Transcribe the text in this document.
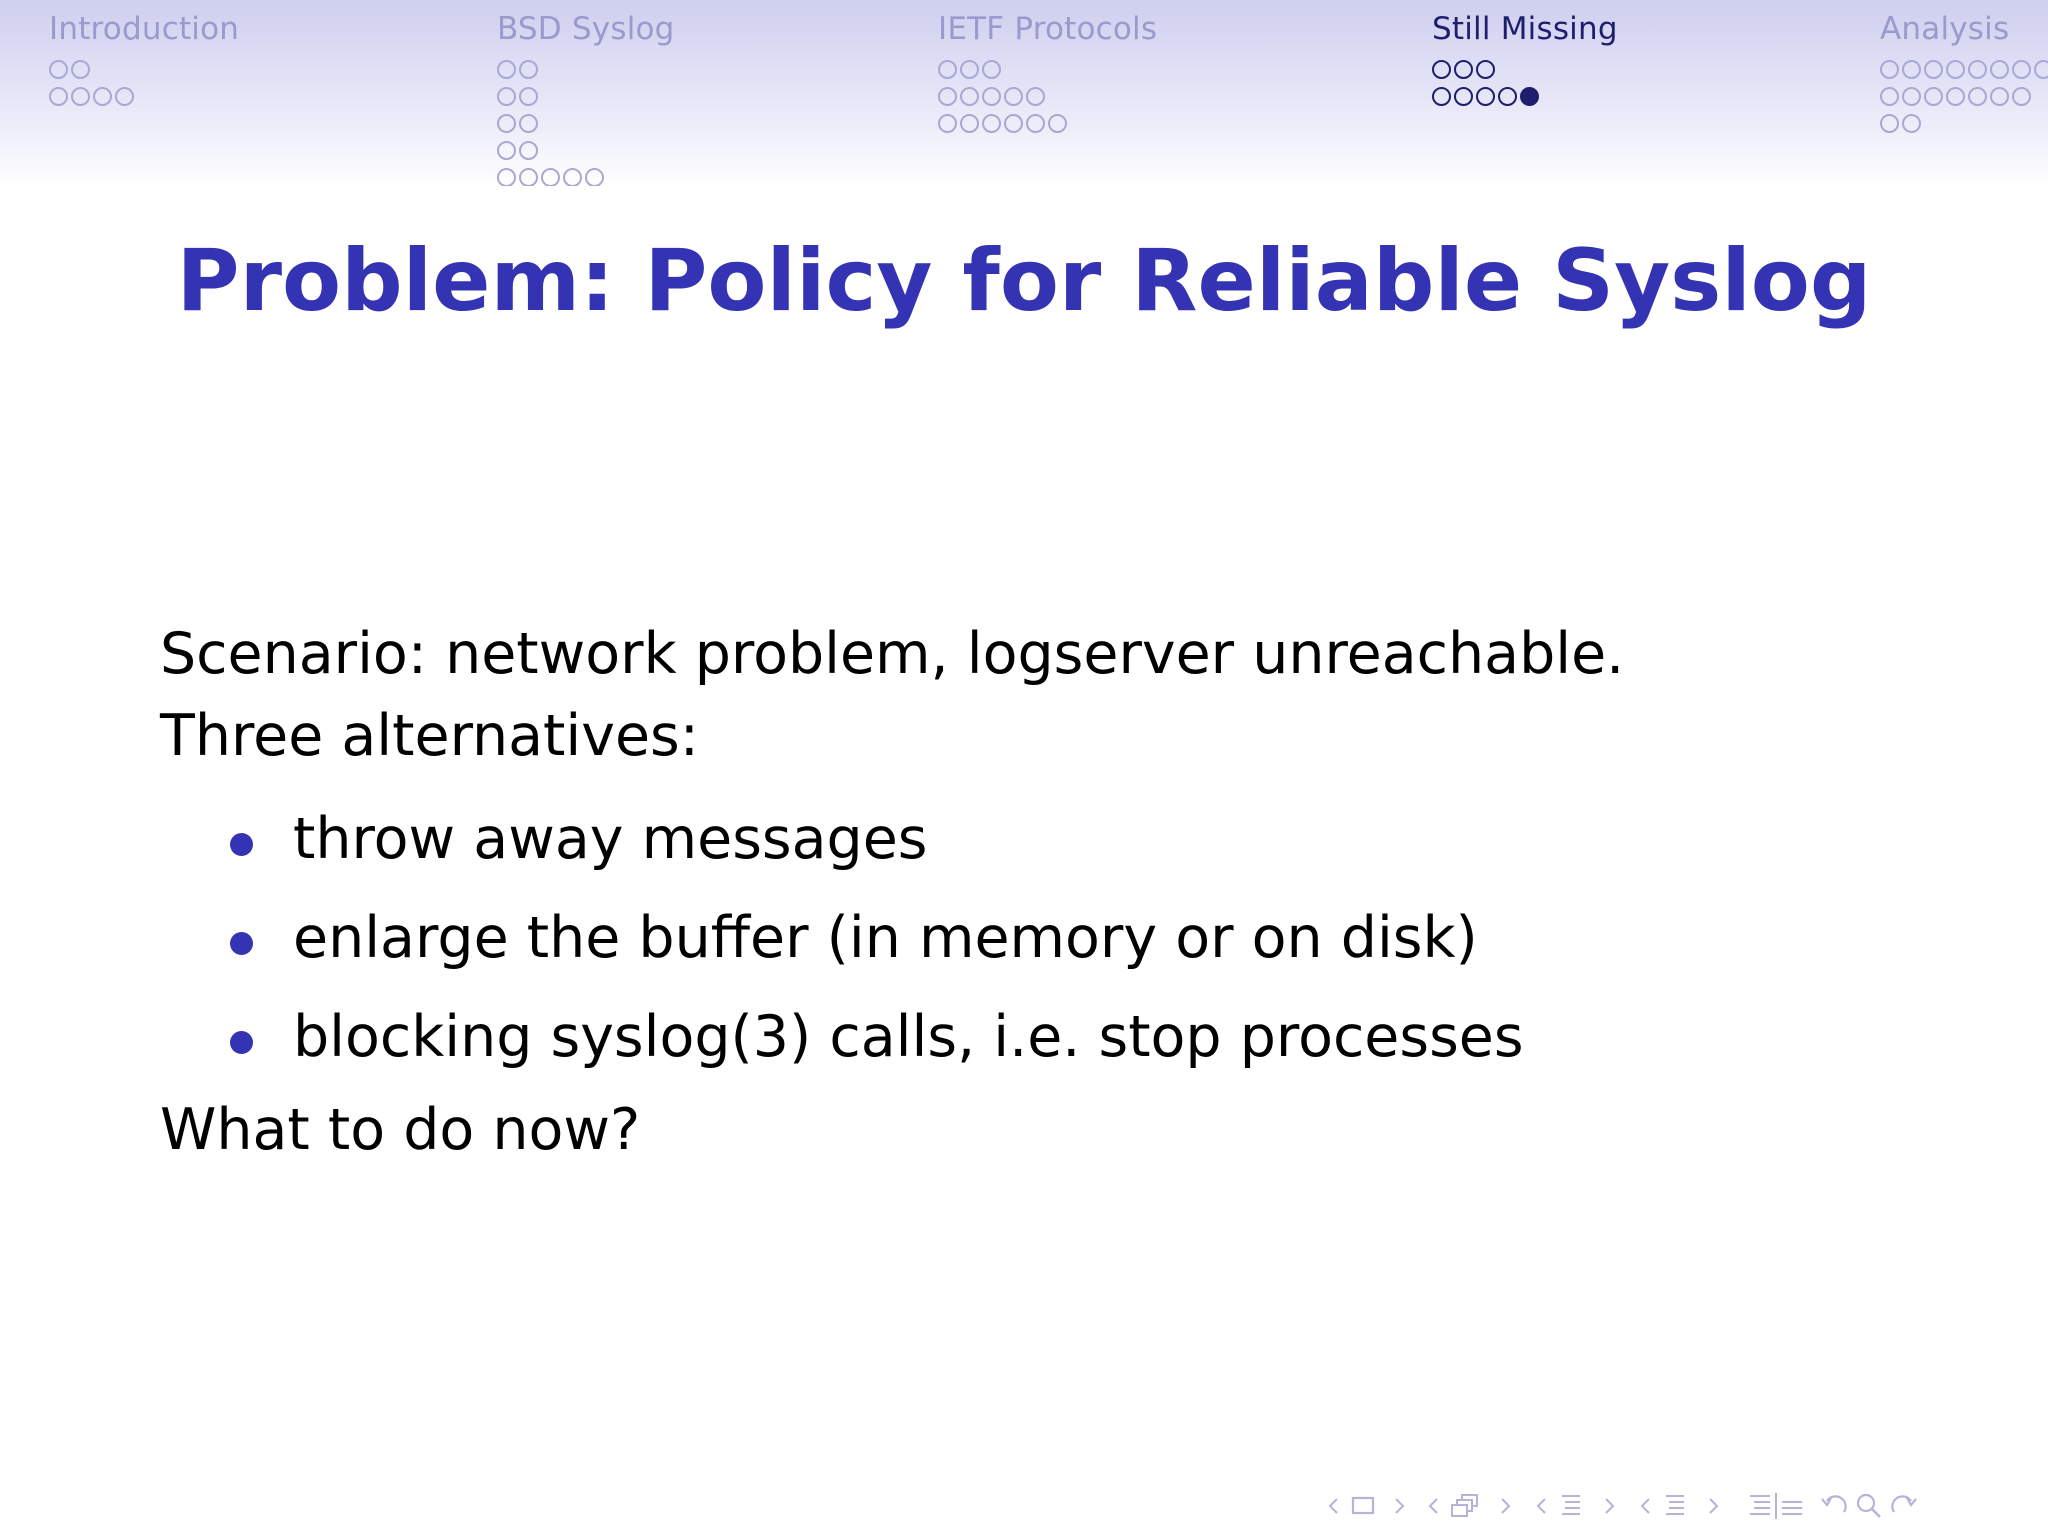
Introduction	BSD Syslog	IETF Protocols	Still Missing	Analysis
Problem: Policy for Reliable Syslog
Scenario: network problem, logserver unreachable.
Three alternatives:
throw away messages
enlarge the buffer (in memory or on disk)
blocking syslog(3) calls, i.e. stop processes
What to do now?
